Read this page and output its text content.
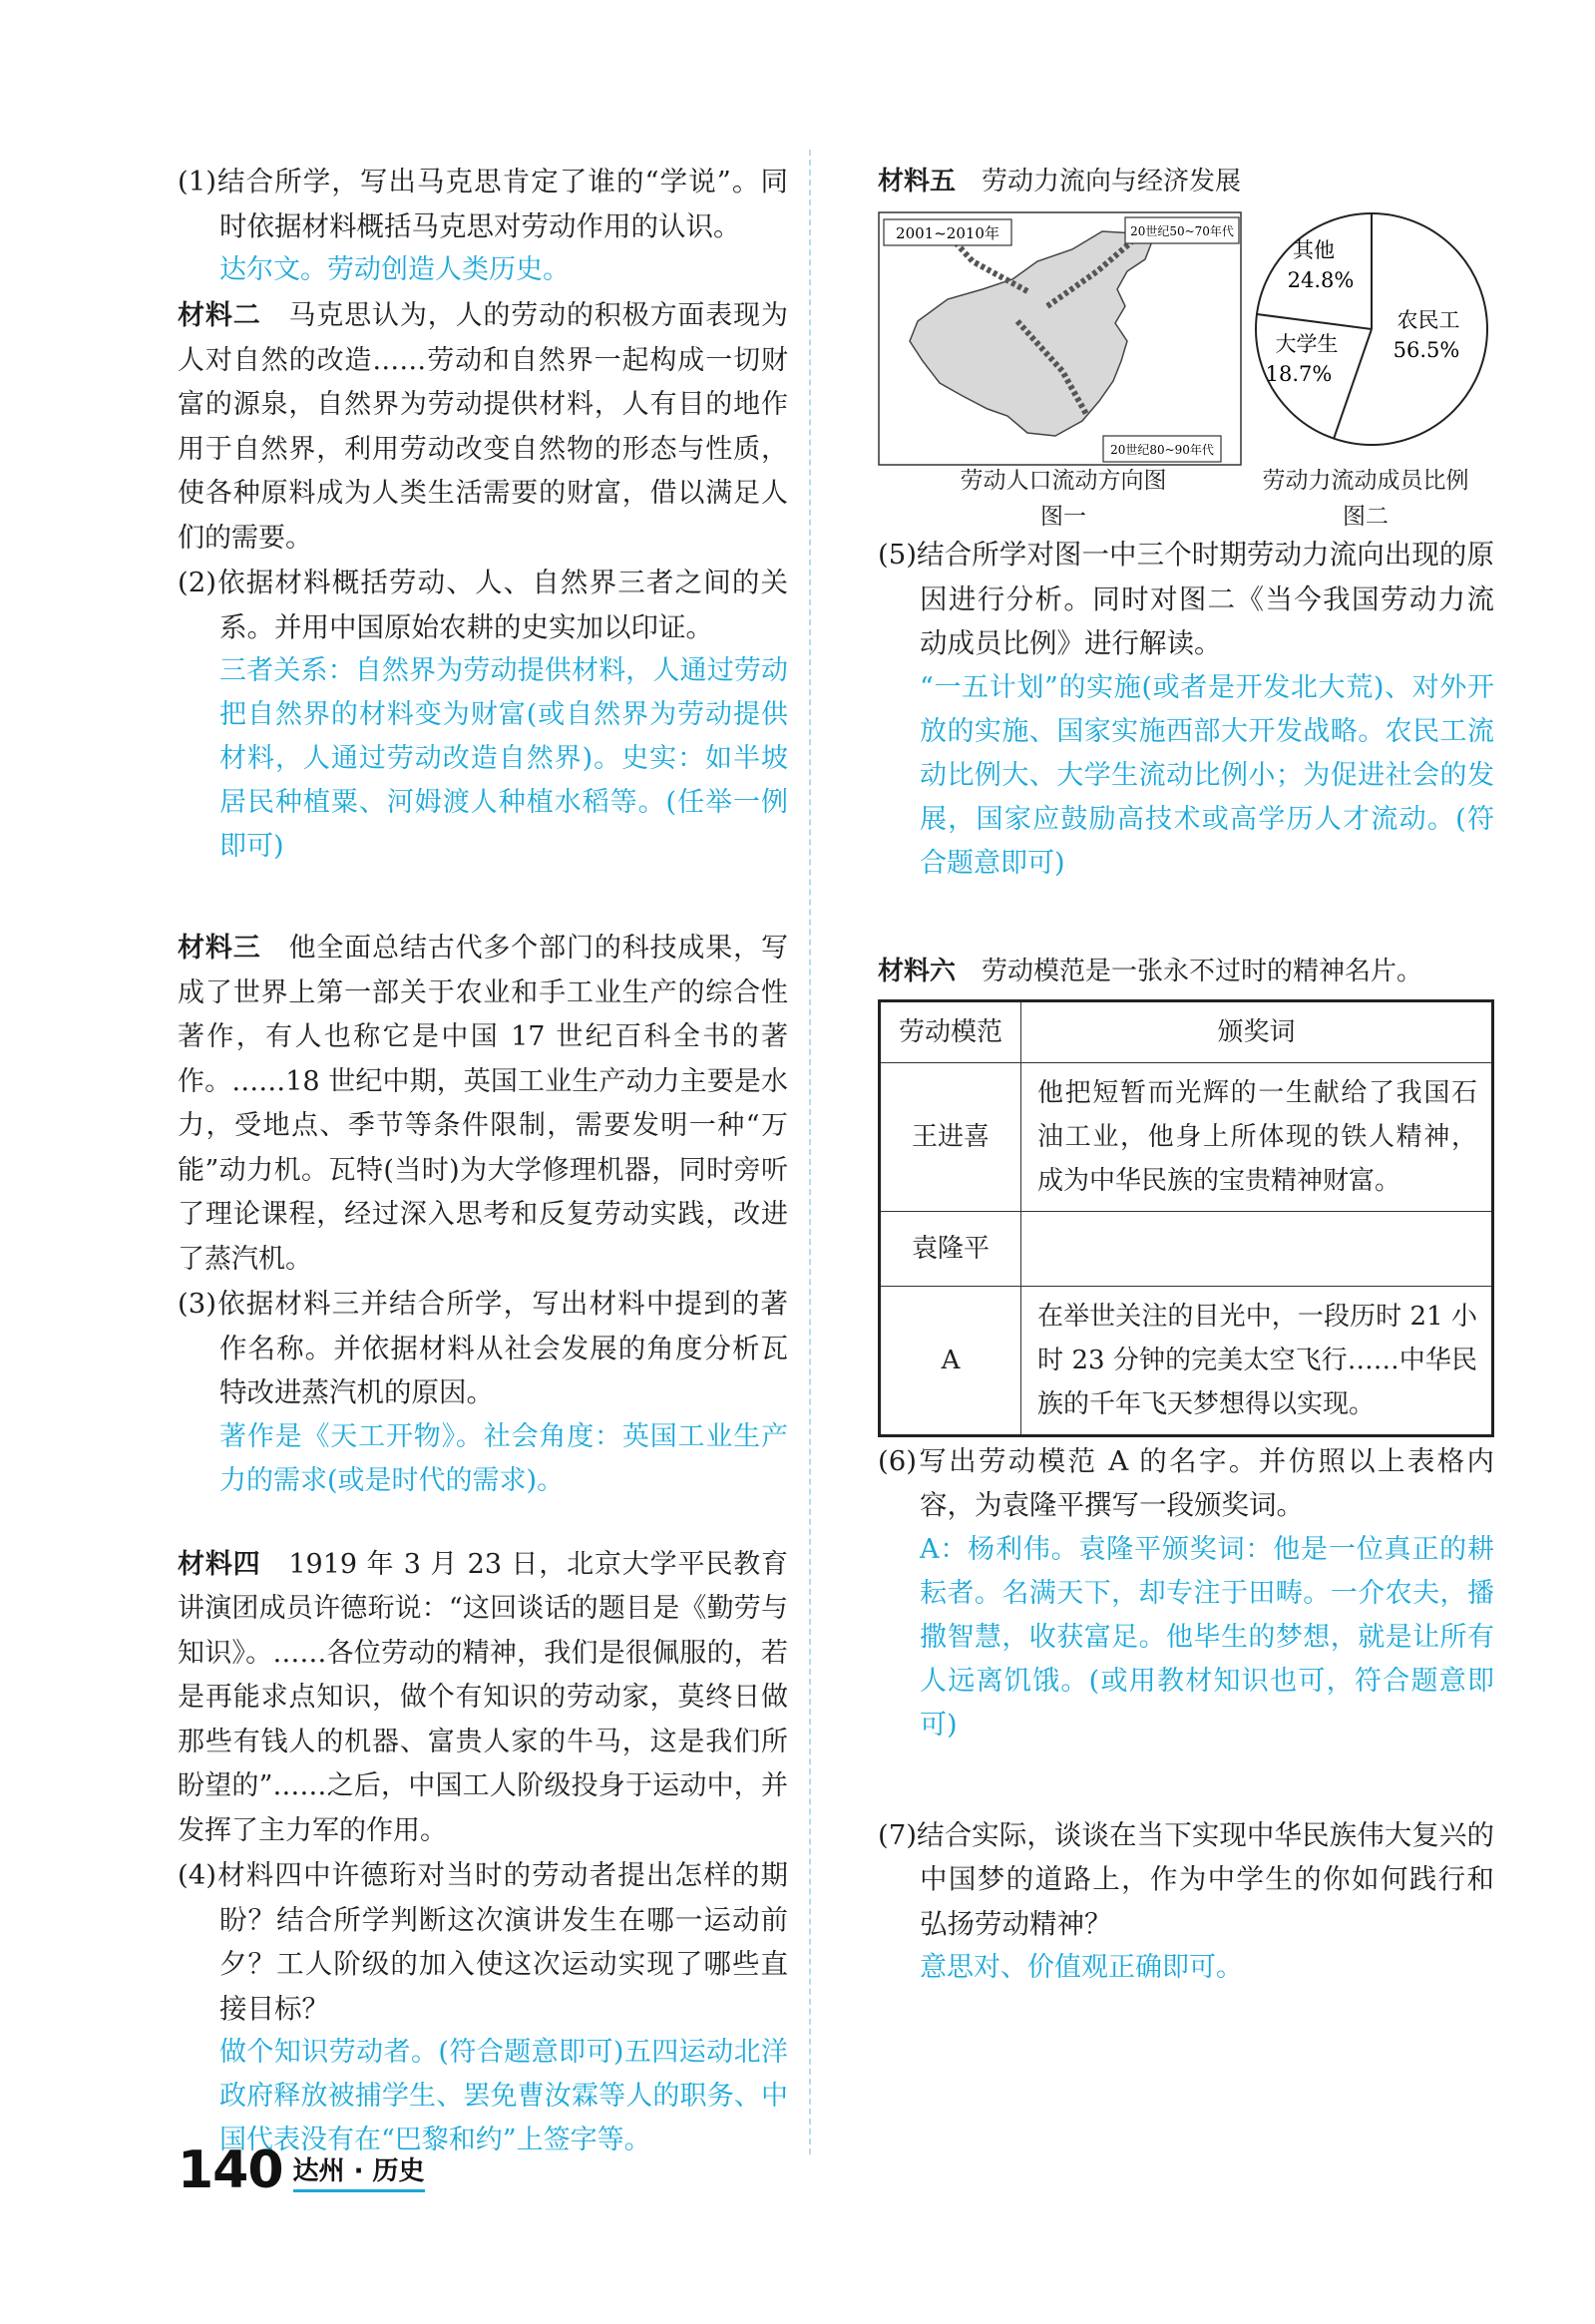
(1)结合所学，写出马克思肯定了谁的“学说”。同时依据材料概括马克思对劳动作用的认识。

达尔文。劳动创造人类历史。

材料二　 马克思认为，人的劳动的积极方面表现为人对自然的改造……劳动和自然界一起构成一切财富的源泉，自然界为劳动提供材料，人有目的地作用于自然界，利用劳动改变自然物的形态与性质，使各种原料成为人类生活需要的财富，借以满足人们的需要。

(2)依据材料概括劳动、人、自然界三者之间的关系。并用中国原始农耕的史实加以印证。

三者关系：自然界为劳动提供材料，人通过劳动把自然界的材料变为财富(或自然界为劳动提供材料，人通过劳动改造自然界)。史实：如半坡居民种植粟、河姆渡人种植水稻等。(任举一例即可)

材料三　 他全面总结古代多个部门的科技成果，写成了世界上第一部关于农业和手工业生产的综合性著作，有人也称它是中国 17 世纪百科全书的著作。……18 世纪中期，英国工业生产动力主要是水力，受地点、季节等条件限制，需要发明一种“万能”动力机。瓦特(当时)为大学修理机器，同时旁听了理论课程，经过深入思考和反复劳动实践，改进了蒸汽机。

(3)依据材料三并结合所学，写出材料中提到的著作名称。并依据材料从社会发展的角度分析瓦特改进蒸汽机的原因。

著作是《天工开物》。社会角度：英国工业生产力的需求(或是时代的需求)。

材料四　 1919 年 3 月 23 日，北京大学平民教育讲演团成员许德珩说：“这回谈话的题目是《勤劳与知识》。……各位劳动的精神，我们是很佩服的，若是再能求点知识，做个有知识的劳动家，莫终日做那些有钱人的机器、富贵人家的牛马，这是我们所盼望的”……之后，中国工人阶级投身于运动中，并发挥了主力军的作用。

(4)材料四中许德珩对当时的劳动者提出怎样的期盼？结合所学判断这次演讲发生在哪一运动前夕？工人阶级的加入使这次运动实现了哪些直接目标？

做个知识劳动者。(符合题意即可)五四运动北洋政府释放被捕学生、罢免曹汝霖等人的职务、中国代表没有在“巴黎和约”上签字等。

材料五　 劳动力流向与经济发展

2001~2010年	20世纪50~70年代
20世纪80~90年代
其他
24.8%
大学生
18.7%
农民工
56.5%
劳动人口流动方向图
图一
劳动力流动成员比例
图二

(5)结合所学对图一中三个时期劳动力流向出现的原因进行分析。同时对图二《当今我国劳动力流动成员比例》进行解读。

“一五计划”的实施(或者是开发北大荒)、对外开放的实施、国家实施西部大开发战略。农民工流动比例大、大学生流动比例小；为促进社会的发展，国家应鼓励高技术或高学历人才流动。(符合题意即可)

材料六　 劳动模范是一张永不过时的精神名片。

劳动模范	颁奖词
王进喜	他把短暂而光辉的一生献给了我国石油工业，他身上所体现的铁人精神，成为中华民族的宝贵精神财富。
袁隆平	
A	在举世关注的目光中，一段历时 21 小时 23 分钟的完美太空飞行……中华民族的千年飞天梦想得以实现。

(6)写出劳动模范 A 的名字。并仿照以上表格内容，为袁隆平撰写一段颁奖词。

A：杨利伟。袁隆平颁奖词：他是一位真正的耕耘者。名满天下，却专注于田畴。一介农夫，播撒智慧，收获富足。他毕生的梦想，就是让所有人远离饥饿。(或用教材知识也可，符合题意即可)

(7)结合实际，谈谈在当下实现中华民族伟大复兴的中国梦的道路上，作为中学生的你如何践行和弘扬劳动精神？

意思对、价值观正确即可。

140 达州 · 历史
